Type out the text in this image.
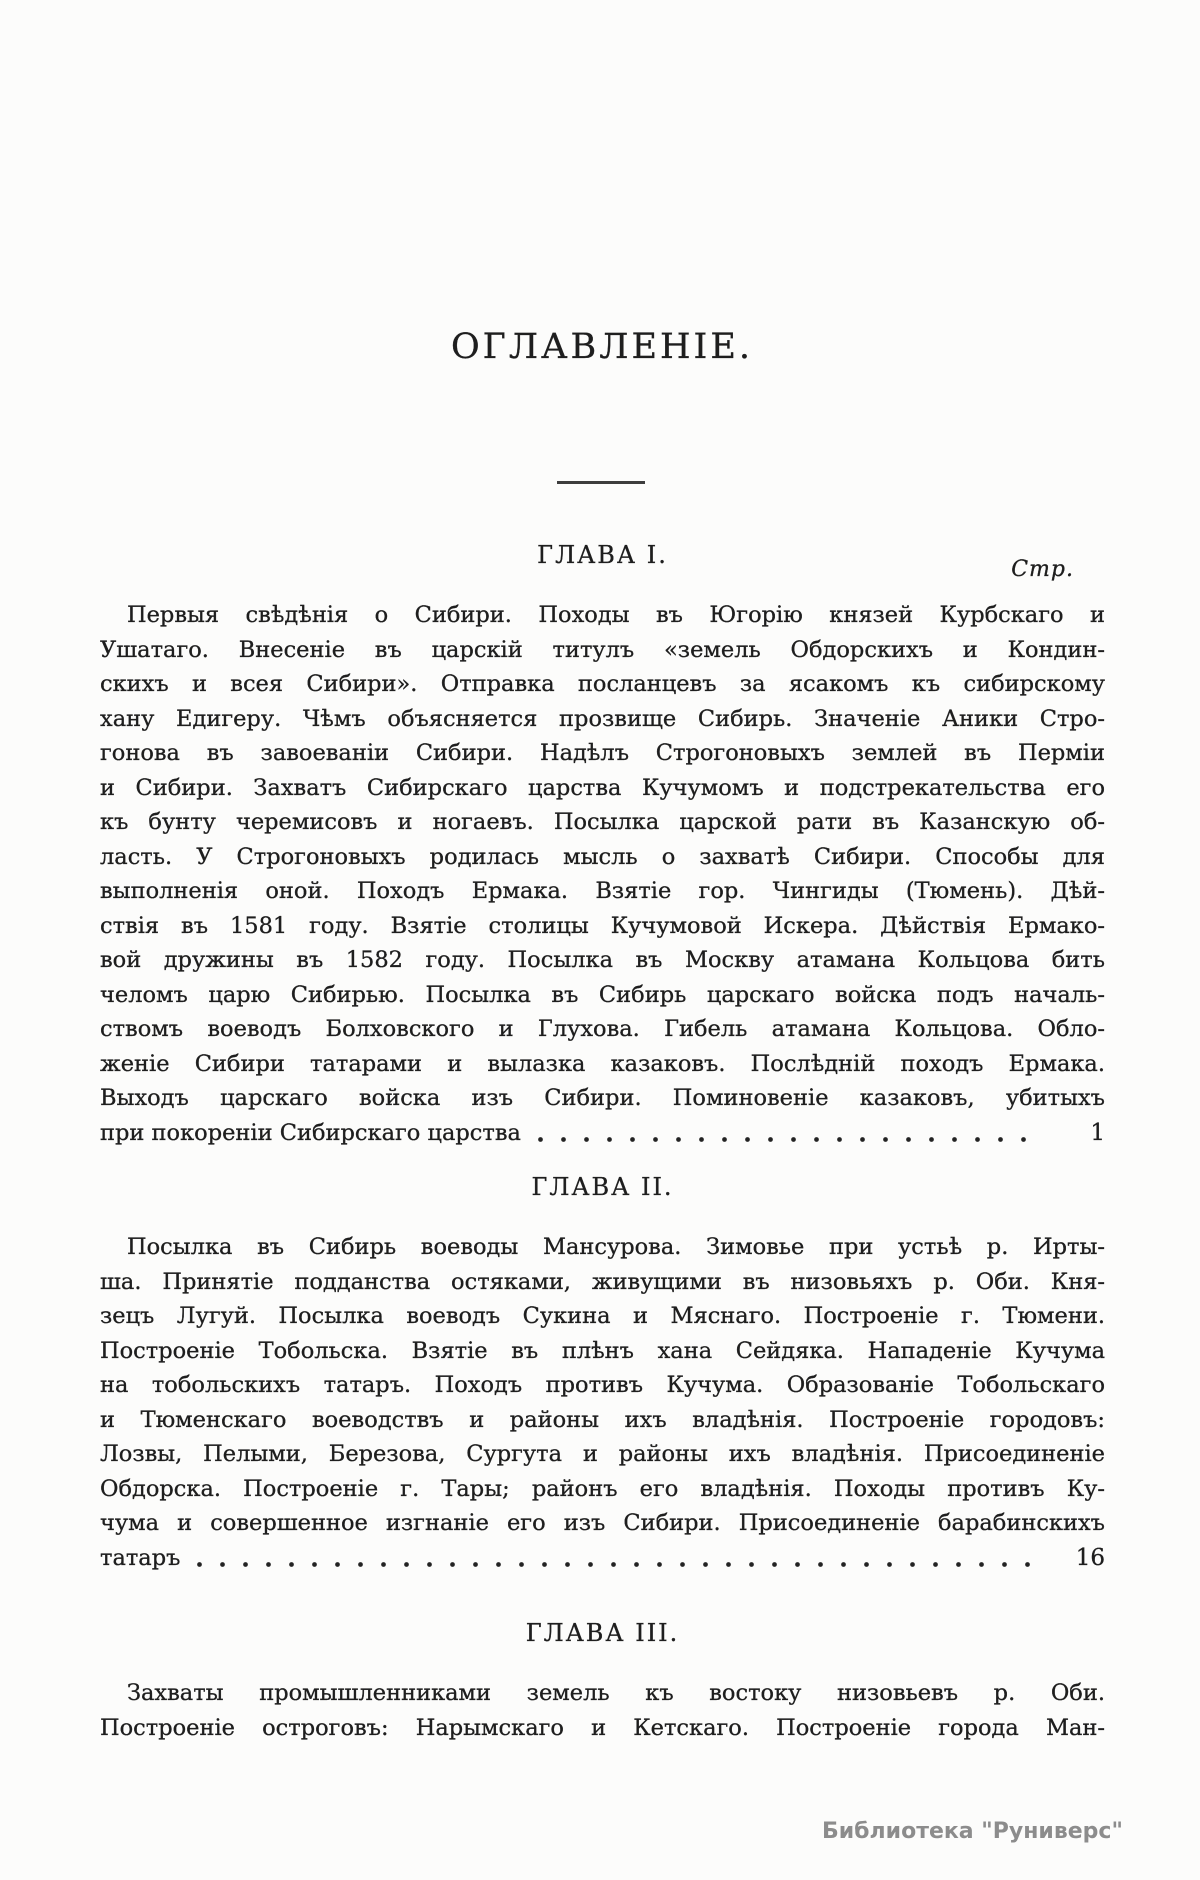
ОГЛАВЛЕНІЕ.
Стр.
ГЛАВА I.
Первыя свѣдѣнія о Сибири. Походы въ Югорію князей Курбскаго и
Ушатаго. Внесеніе въ царскій титулъ «земель Обдорскихъ и Кондин-
скихъ и всея Сибири». Отправка посланцевъ за ясакомъ къ сибирскому
хану Едигеру. Чѣмъ объясняется прозвище Сибирь. Значеніе Аники Стро-
гонова въ завоеваніи Сибири. Надѣлъ Строгоновыхъ землей въ Перміи
и Сибири. Захватъ Сибирскаго царства Кучумомъ и подстрекательства его
къ бунту черемисовъ и ногаевъ. Посылка царской рати въ Казанскую об-
ласть. У Строгоновыхъ родилась мысль о захватѣ Сибири. Способы для
выполненія оной. Походъ Ермака. Взятіе гор. Чингиды (Тюмень). Дѣй-
ствія въ 1581 году. Взятіе столицы Кучумовой Искера. Дѣйствія Ермако-
вой дружины въ 1582 году. Посылка въ Москву атамана Кольцова бить
челомъ царю Сибирью. Посылка въ Сибирь царскаго войска подъ началь-
ствомъ воеводъ Болховского и Глухова. Гибель атамана Кольцова. Обло-
женіе Сибири татарами и вылазка казаковъ. Послѣдній походъ Ермака.
Выходъ царскаго войска изъ Сибири. Поминовеніе казаковъ, убитыхъ
при покореніи Сибирскаго царства	1
ГЛАВА II.
Посылка въ Сибирь воеводы Мансурова. Зимовье при устьѣ р. Ирты-
ша. Принятіе подданства остяками, живущими въ низовьяхъ р. Оби. Кня-
зецъ Лугуй. Посылка воеводъ Сукина и Мяснаго. Построеніе г. Тюмени.
Построеніе Тобольска. Взятіе въ плѣнъ хана Сейдяка. Нападеніе Кучума
на тобольскихъ татаръ. Походъ противъ Кучума. Образованіе Тобольскаго
и Тюменскаго воеводствъ и районы ихъ владѣнія. Построеніе городовъ:
Лозвы, Пелыми, Березова, Сургута и районы ихъ владѣнія. Присоединеніе
Обдорска. Построеніе г. Тары; районъ его владѣнія. Походы противъ Ку-
чума и совершенное изгнаніе его изъ Сибири. Присоединеніе барабинскихъ
татаръ	16
ГЛАВА III.
Захваты промышленниками земель къ востоку низовьевъ р. Оби.
Построеніе остроговъ: Нарымскаго и Кетскаго. Построеніе города Ман-
Библиотека "Руниверс"
